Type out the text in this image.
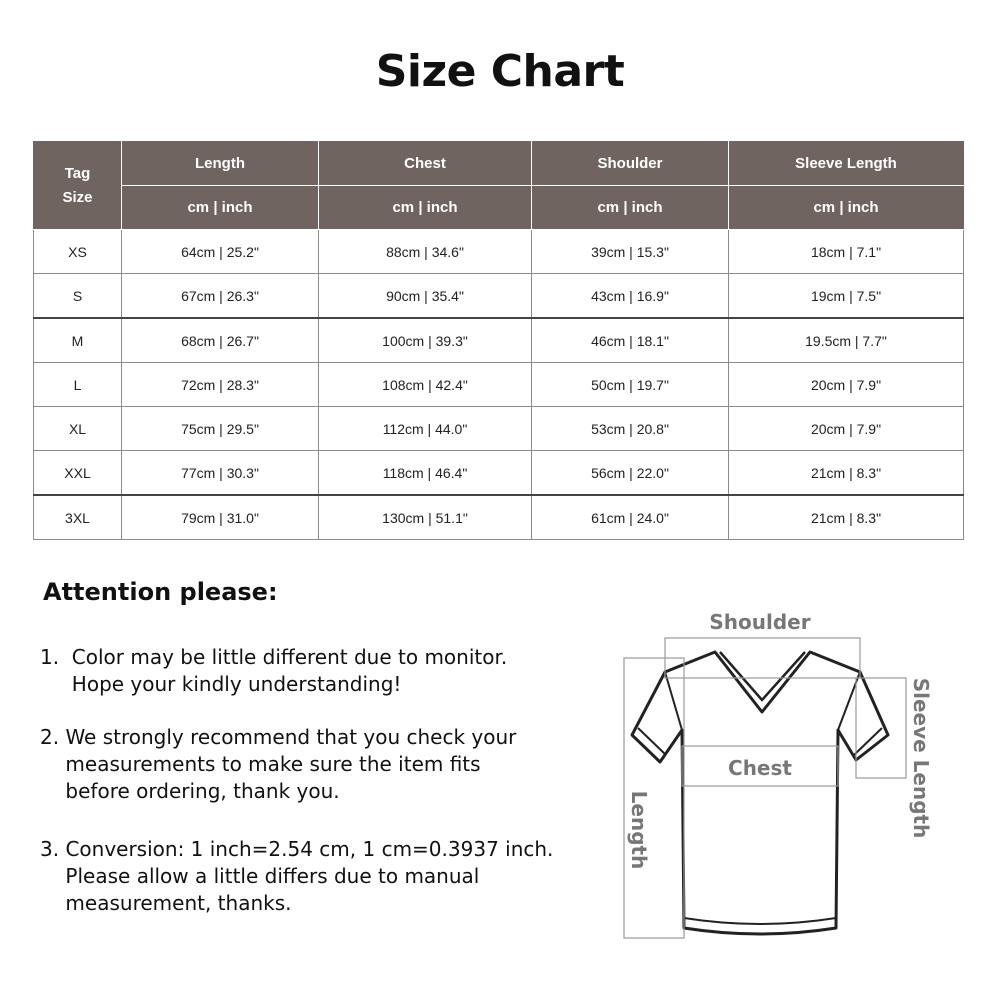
Size Chart
Tag
Size	Length	Chest	Shoulder	Sleeve Length
	cm | inch	cm | inch	cm | inch	cm | inch
XS	64cm | 25.2"	88cm | 34.6"	39cm | 15.3"	18cm | 7.1"
S	67cm | 26.3"	90cm | 35.4"	43cm | 16.9"	19cm | 7.5"
M	68cm | 26.7"	100cm | 39.3"	46cm | 18.1"	19.5cm | 7.7"
L	72cm | 28.3"	108cm | 42.4"	50cm | 19.7"	20cm | 7.9"
XL	75cm | 29.5"	112cm | 44.0"	53cm | 20.8"	20cm | 7.9"
XXL	77cm | 30.3"	118cm | 46.4"	56cm | 22.0"	21cm | 8.3"
3XL	79cm | 31.0"	130cm | 51.1"	61cm | 24.0"	21cm | 8.3"
Attention please:

1.  Color may be little different due to monitor.
Hope your kindly understanding!

2. We strongly recommend that you check your
measurements to make sure the item fits
before ordering, thank you.

3. Conversion: 1 inch=2.54 cm, 1 cm=0.3937 inch.
Please allow a little differs due to manual
measurement, thanks.

Shoulder
Chest
Length	Sleeve Length
